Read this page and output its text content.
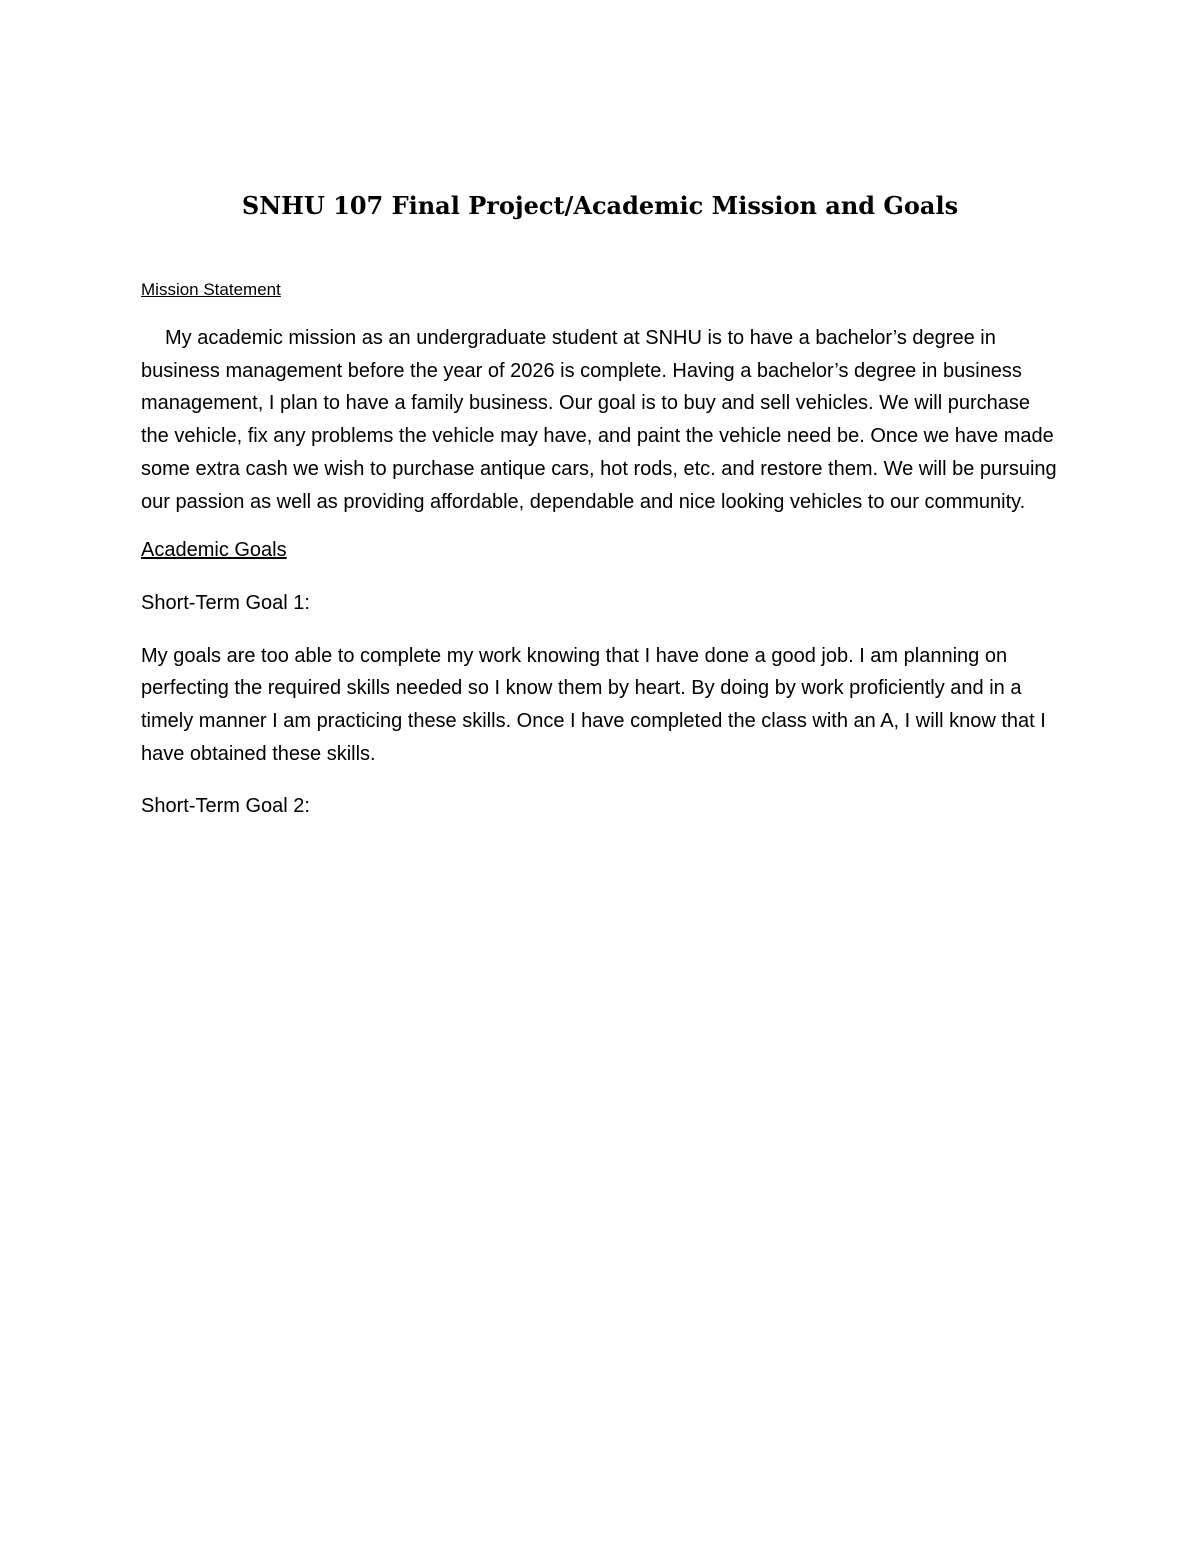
SNHU 107 Final Project/Academic Mission and Goals

Mission Statement

My academic mission as an undergraduate student at SNHU is to have a bachelor’s degree in business management before the year of 2026 is complete. Having a bachelor’s degree in business management, I plan to have a family business. Our goal is to buy and sell vehicles. We will purchase the vehicle, fix any problems the vehicle may have, and paint the vehicle need be. Once we have made some extra cash we wish to purchase antique cars, hot rods, etc. and restore them. We will be pursuing our passion as well as providing affordable, dependable and nice looking vehicles to our community.

Academic Goals

Short-Term Goal 1:

My goals are too able to complete my work knowing that I have done a good job. I am planning on perfecting the required skills needed so I know them by heart. By doing by work proficiently and in a timely manner I am practicing these skills. Once I have completed the class with an A, I will know that I have obtained these skills.

Short-Term Goal 2:
